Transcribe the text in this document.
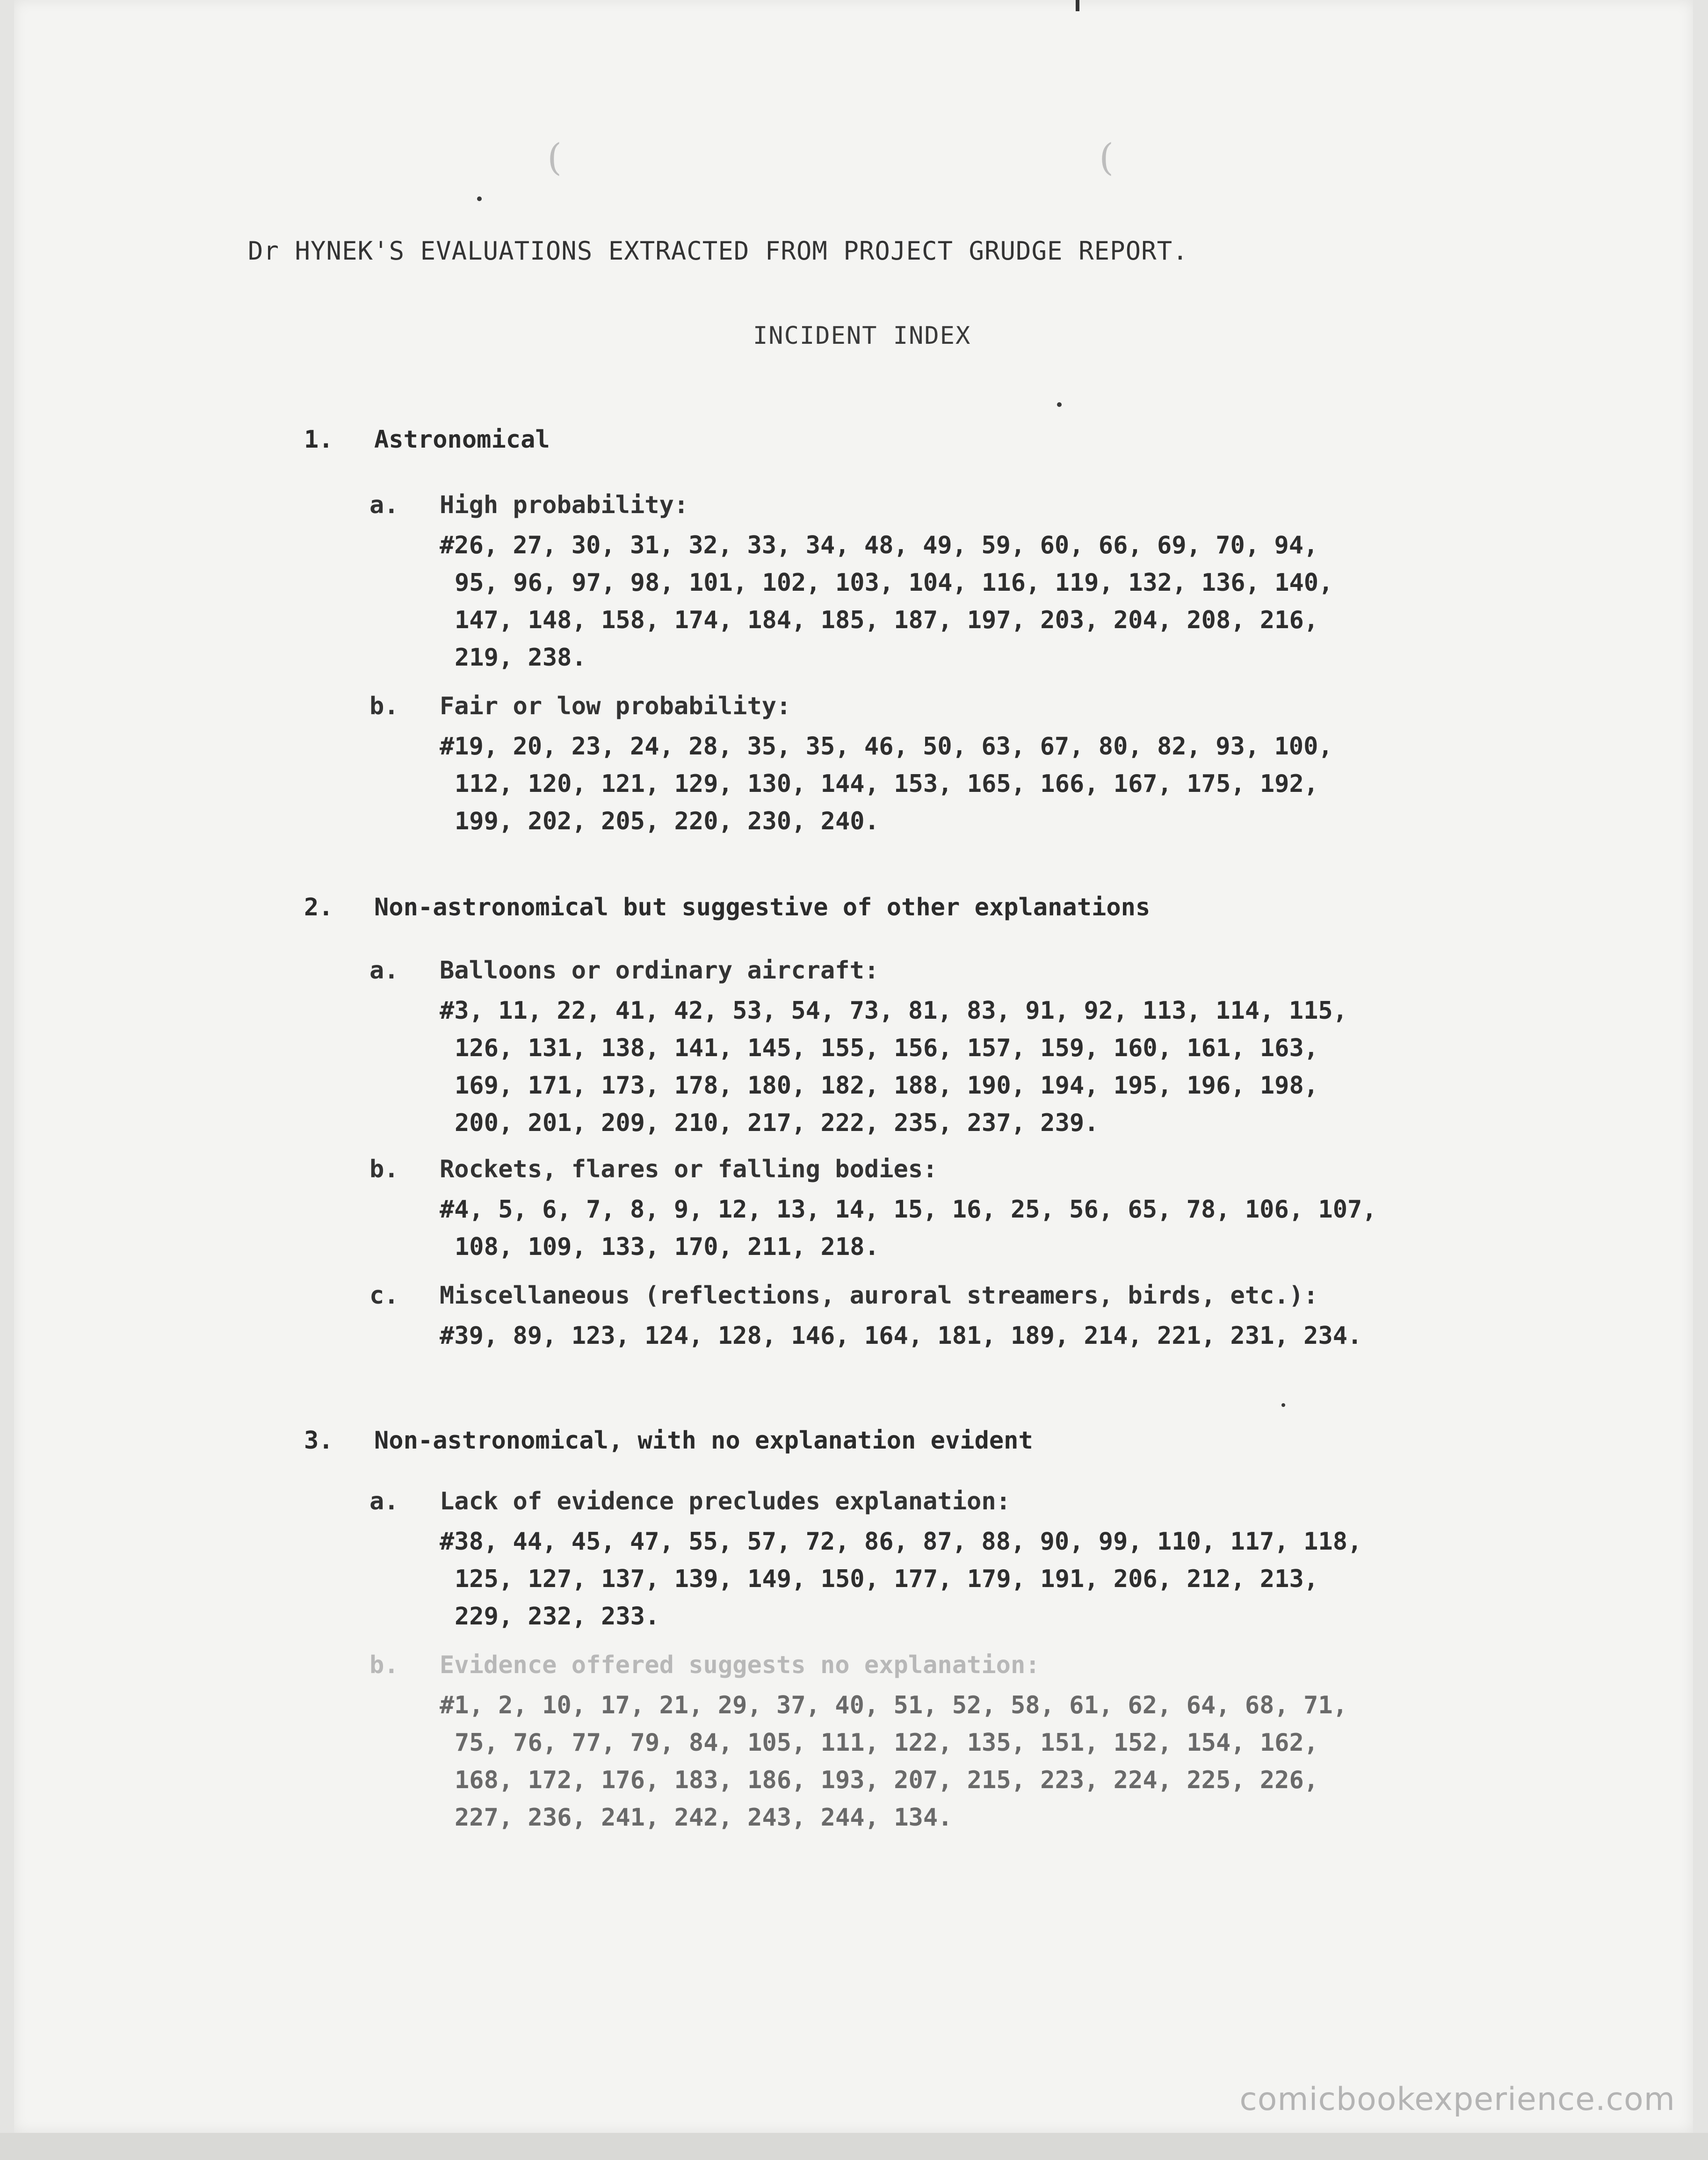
(	(
Dr HYNEK'S EVALUATIONS EXTRACTED FROM PROJECT GRUDGE REPORT.
INCIDENT INDEX

1. Astronomical

a. High probability:
#26, 27, 30, 31, 32, 33, 34, 48, 49, 59, 60, 66, 69, 70, 94,
95, 96, 97, 98, 101, 102, 103, 104, 116, 119, 132, 136, 140,
147, 148, 158, 174, 184, 185, 187, 197, 203, 204, 208, 216,
219, 238.
b. Fair or low probability:
#19, 20, 23, 24, 28, 35, 35, 46, 50, 63, 67, 80, 82, 93, 100,
112, 120, 121, 129, 130, 144, 153, 165, 166, 167, 175, 192,
199, 202, 205, 220, 230, 240.

2. Non-astronomical but suggestive of other explanations

a. Balloons or ordinary aircraft:
#3, 11, 22, 41, 42, 53, 54, 73, 81, 83, 91, 92, 113, 114, 115,
126, 131, 138, 141, 145, 155, 156, 157, 159, 160, 161, 163,
169, 171, 173, 178, 180, 182, 188, 190, 194, 195, 196, 198,
200, 201, 209, 210, 217, 222, 235, 237, 239.
b. Rockets, flares or falling bodies:
#4, 5, 6, 7, 8, 9, 12, 13, 14, 15, 16, 25, 56, 65, 78, 106, 107,
108, 109, 133, 170, 211, 218.
c. Miscellaneous (reflections, auroral streamers, birds, etc.):
#39, 89, 123, 124, 128, 146, 164, 181, 189, 214, 221, 231, 234.

3. Non-astronomical, with no explanation evident

a. Lack of evidence precludes explanation:
#38, 44, 45, 47, 55, 57, 72, 86, 87, 88, 90, 99, 110, 117, 118,
125, 127, 137, 139, 149, 150, 177, 179, 191, 206, 212, 213,
229, 232, 233.
b. Evidence offered suggests no explanation:
#1, 2, 10, 17, 21, 29, 37, 40, 51, 52, 58, 61, 62, 64, 68, 71,
75, 76, 77, 79, 84, 105, 111, 122, 135, 151, 152, 154, 162,
168, 172, 176, 183, 186, 193, 207, 215, 223, 224, 225, 226,
227, 236, 241, 242, 243, 244, 134.
comicbookexperience.com
